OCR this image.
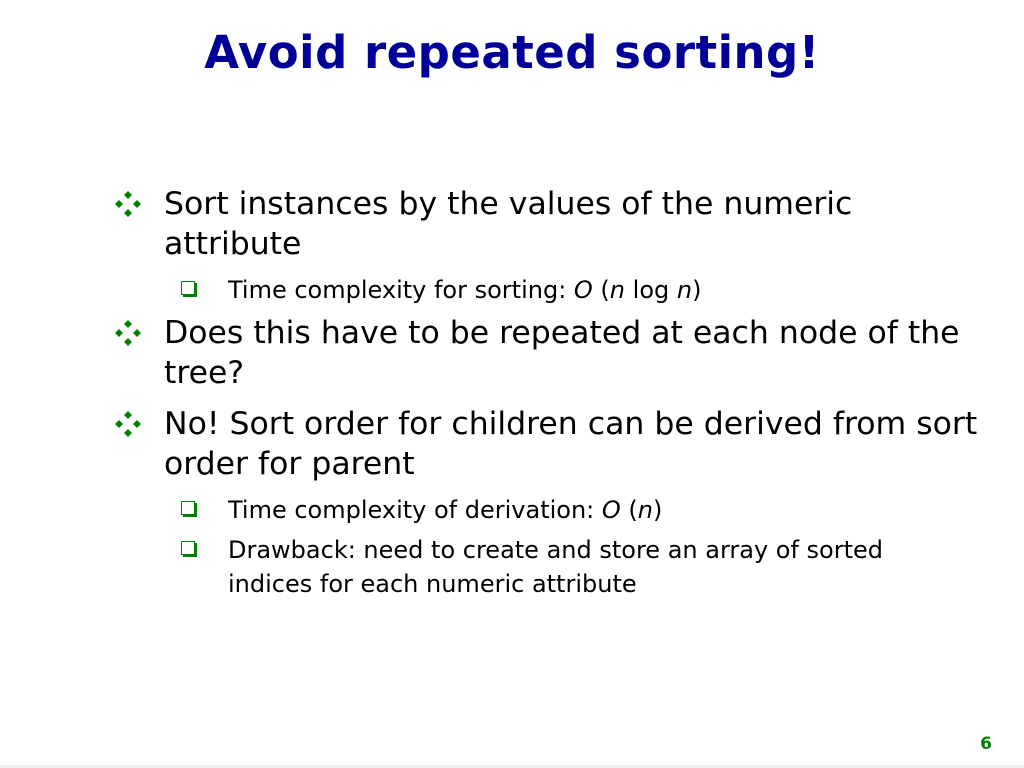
Avoid repeated sorting!
Sort instances by the values of the numeric attribute
Time complexity for sorting: O (n log n)
Does this have to be repeated at each node of the tree?
No! Sort order for children can be derived from sort order for parent
Time complexity of derivation: O (n)
Drawback: need to create and store an array of sorted indices for each numeric attribute
6
